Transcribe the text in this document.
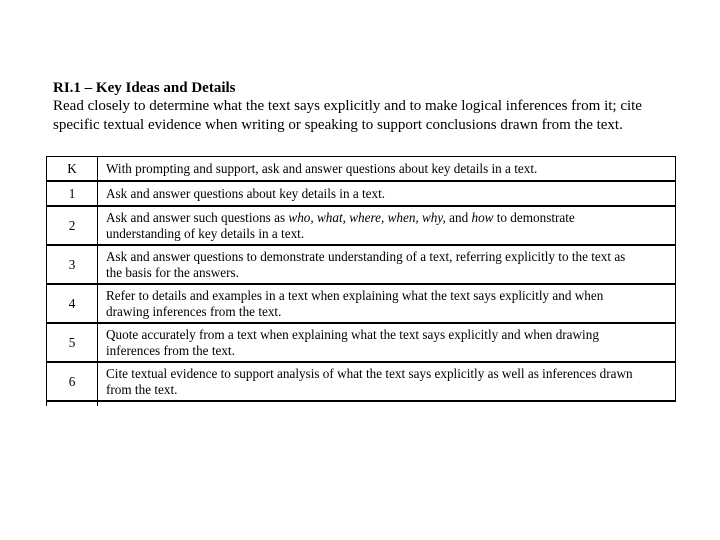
RI.1 – Key Ideas and Details
Read closely to determine what the text says explicitly and to make logical inferences from it; cite
specific textual evidence when writing or speaking to support conclusions drawn from the text.
K	With prompting and support, ask and answer questions about key details in a text.

1	Ask and answer questions about key details in a text.

2	Ask and answer such questions as who, what, where, when, why, and how to demonstrate
understanding of key details in a text.

3	Ask and answer questions to demonstrate understanding of a text, referring explicitly to the text as
the basis for the answers.

4	Refer to details and examples in a text when explaining what the text says explicitly and when
drawing inferences from the text.

5	Quote accurately from a text when explaining what the text says explicitly and when drawing
inferences from the text.

6	Cite textual evidence to support analysis of what the text says explicitly as well as inferences drawn
from the text.
